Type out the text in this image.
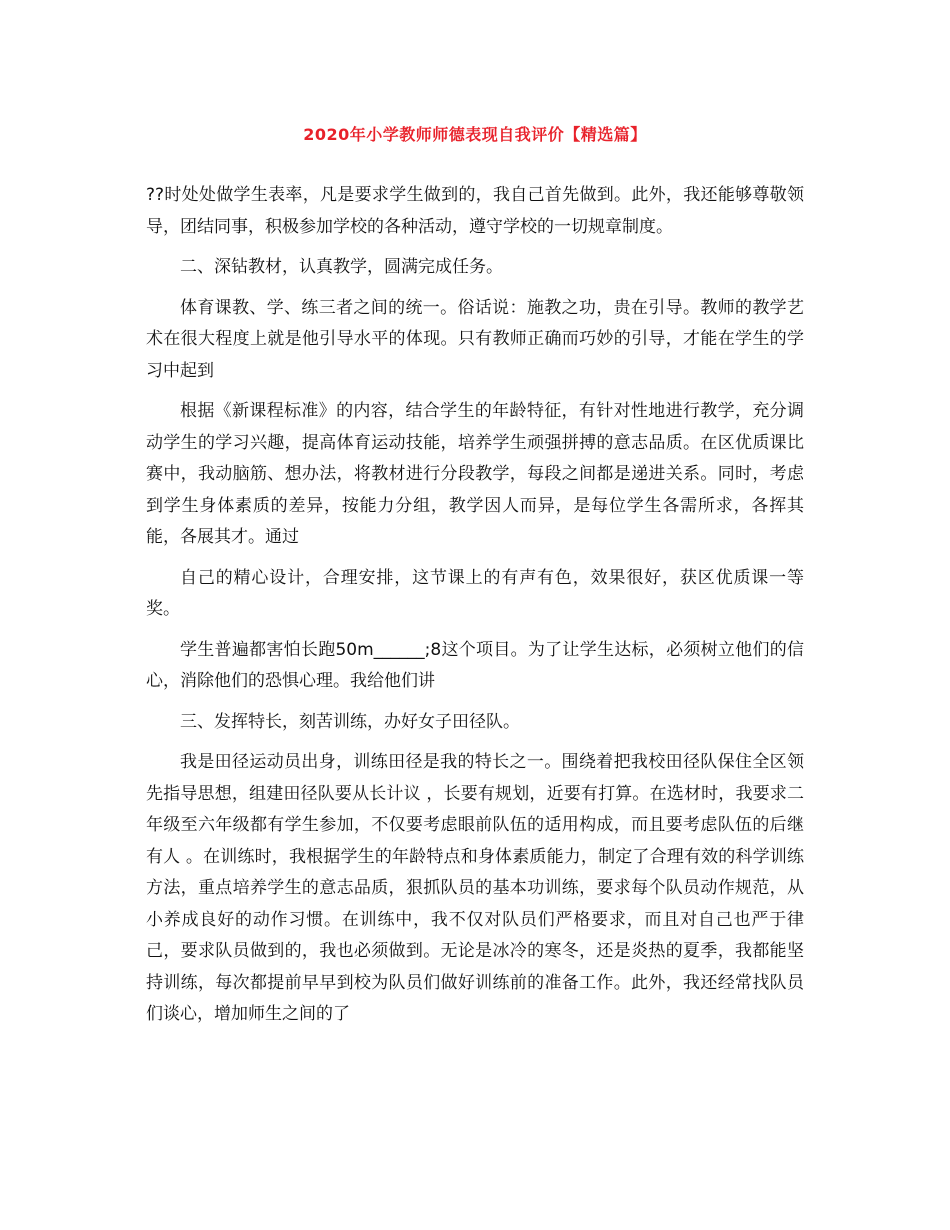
2020年小学教师师德表现自我评价【精选篇】

??时处处做学生表率，凡是要求学生做到的，我自己首先做到。此外，我还能够尊敬领导，团结同事，积极参加学校的各种活动，遵守学校的一切规章制度。

二、深钻教材，认真教学，圆满完成任务。

体育课教、学、练三者之间的统一。俗话说：施教之功，贵在引导。教师的教学艺术在很大程度上就是他引导水平的体现。只有教师正确而巧妙的引导，才能在学生的学习中起到

根据《新课程标准》的内容，结合学生的年龄特征，有针对性地进行教学，充分调动学生的学习兴趣，提高体育运动技能，培养学生顽强拼搏的意志品质。在区优质课比赛中，我动脑筋、想办法，将教材进行分段教学，每段之间都是递进关系。同时，考虑到学生身体素质的差异，按能力分组，教学因人而异，是每位学生各需所求，各挥其能，各展其才。通过

自己的精心设计，合理安排，这节课上的有声有色，效果很好，获区优质课一等奖。

学生普遍都害怕长跑50m______;8这个项目。为了让学生达标，必须树立他们的信心，消除他们的恐惧心理。我给他们讲

三、发挥特长，刻苦训练，办好女子田径队。

我是田径运动员出身，训练田径是我的特长之一。围绕着把我校田径队保住全区领先指导思想，组建田径队要从长计议 ，长要有规划，近要有打算。在选材时，我要求二年级至六年级都有学生参加，不仅要考虑眼前队伍的适用构成，而且要考虑队伍的后继有人 。在训练时，我根据学生的年龄特点和身体素质能力，制定了合理有效的科学训练方法，重点培养学生的意志品质，狠抓队员的基本功训练，要求每个队员动作规范，从小养成良好的动作习惯。在训练中，我不仅对队员们严格要求，而且对自己也严于律己，要求队员做到的，我也必须做到。无论是冰冷的寒冬，还是炎热的夏季，我都能坚持训练，每次都提前早早到校为队员们做好训练前的准备工作。此外，我还经常找队员们谈心，增加师生之间的了
